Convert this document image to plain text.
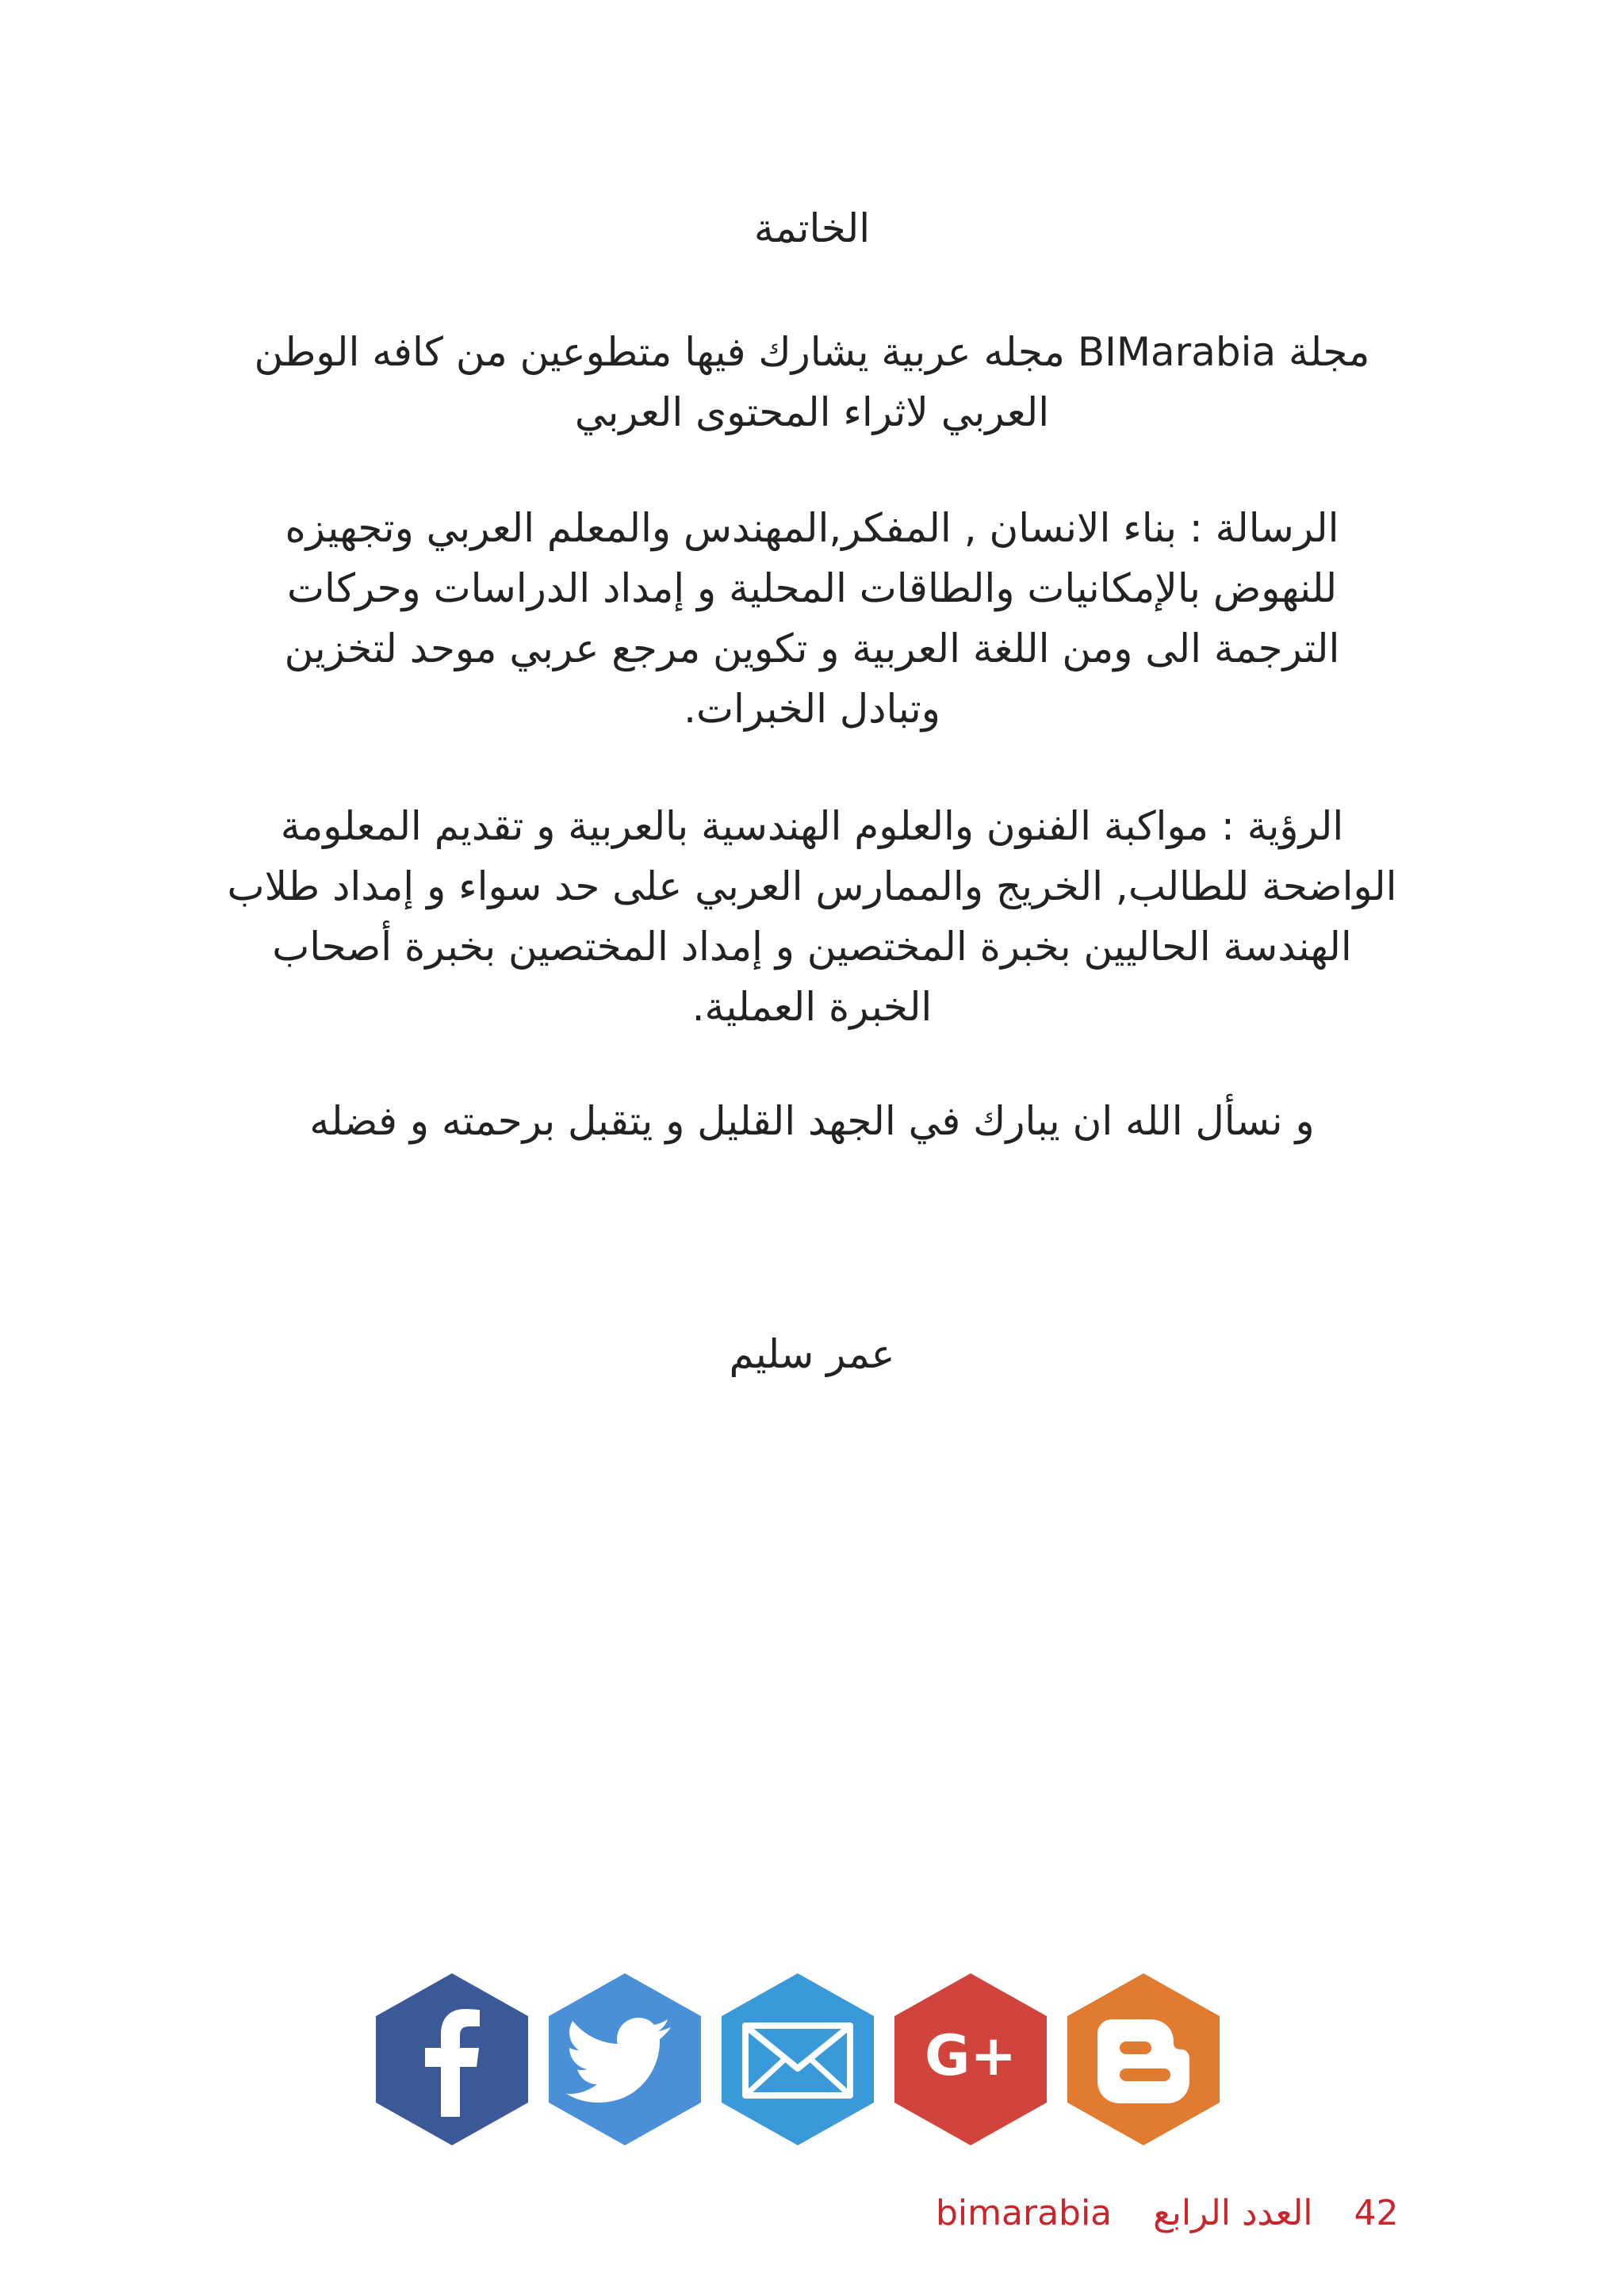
الخاتمة
مجلة BIMarabia مجله عربية يشارك فيها متطوعين من كافه الوطن
العربي لاثراء المحتوى العربي
الرسالة : بناء الانسان , المفكر,المهندس والمعلم العربي وتجهيزه
للنهوض بالإمكانيات والطاقات المحلية و إمداد الدراسات وحركات
الترجمة الى ومن اللغة العربية و تكوين مرجع عربي موحد لتخزين
وتبادل الخبرات.
الرؤية : مواكبة الفنون والعلوم الهندسية بالعربية و تقديم المعلومة
الواضحة للطالب, الخريج والممارس العربي على حد سواء و إمداد طلاب
الهندسة الحاليين بخبرة المختصين و إمداد المختصين بخبرة أصحاب
الخبرة العملية.
و نسأل الله ان يبارك في الجهد القليل و يتقبل برحمته و فضله
عمر سليم
G+
42  العدد الرابع  bimarabia
